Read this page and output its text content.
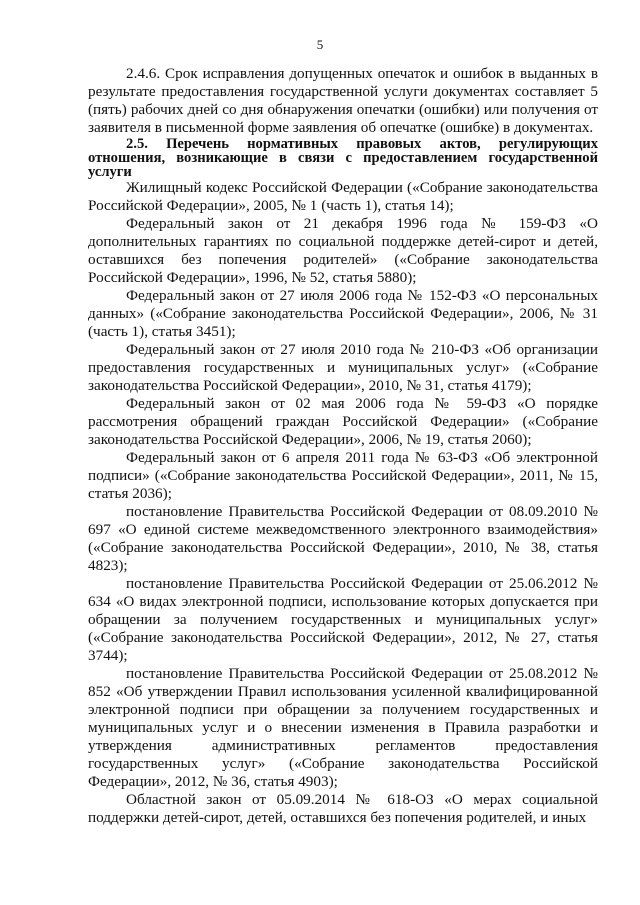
5

2.4.6. Срок исправления допущенных опечаток и ошибок в выданных в результате предоставления государственной услуги документах составляет 5 (пять) рабочих дней со дня обнаружения опечатки (ошибки) или получения от заявителя в письменной форме заявления об опечатке (ошибке) в документах.

2.5. Перечень нормативных правовых актов, регулирующих отношения, возникающие в связи с предоставлением государственной услуги

Жилищный кодекс Российской Федерации («Собрание законодательства Российской Федерации», 2005, № 1 (часть 1), статья 14);

Федеральный закон от 21 декабря 1996 года № 159-ФЗ «О дополнительных гарантиях по социальной поддержке детей-сирот и детей, оставшихся без попечения родителей» («Собрание законодательства Российской Федерации», 1996, № 52, статья 5880);

Федеральный закон от 27 июля 2006 года № 152-ФЗ «О персональных данных» («Собрание законодательства Российской Федерации», 2006, № 31 (часть 1), статья 3451);

Федеральный закон от 27 июля 2010 года № 210-ФЗ «Об организации предоставления государственных и муниципальных услуг» («Собрание законодательства Российской Федерации», 2010, № 31, статья 4179);

Федеральный закон от 02 мая 2006 года № 59-ФЗ «О порядке рассмотрения обращений граждан Российской Федерации» («Собрание законодательства Российской Федерации», 2006, № 19, статья 2060);

Федеральный закон от 6 апреля 2011 года № 63-ФЗ «Об электронной подписи» («Собрание законодательства Российской Федерации», 2011, № 15, статья 2036);

постановление Правительства Российской Федерации от 08.09.2010 № 697 «О единой системе межведомственного электронного взаимодействия» («Собрание законодательства Российской Федерации», 2010, № 38, статья 4823);

постановление Правительства Российской Федерации от 25.06.2012 № 634 «О видах электронной подписи, использование которых допускается при обращении за получением государственных и муниципальных услуг» («Собрание законодательства Российской Федерации», 2012, № 27, статья 3744);

постановление Правительства Российской Федерации от 25.08.2012 № 852 «Об утверждении Правил использования усиленной квалифицированной электронной подписи при обращении за получением государственных и муниципальных услуг и о внесении изменения в Правила разработки и утверждения административных регламентов предоставления государственных услуг» («Собрание законодательства Российской Федерации», 2012, № 36, статья 4903);

Областной закон от 05.09.2014 № 618-ОЗ «О мерах социальной поддержки детей-сирот, детей, оставшихся без попечения родителей, и иных
